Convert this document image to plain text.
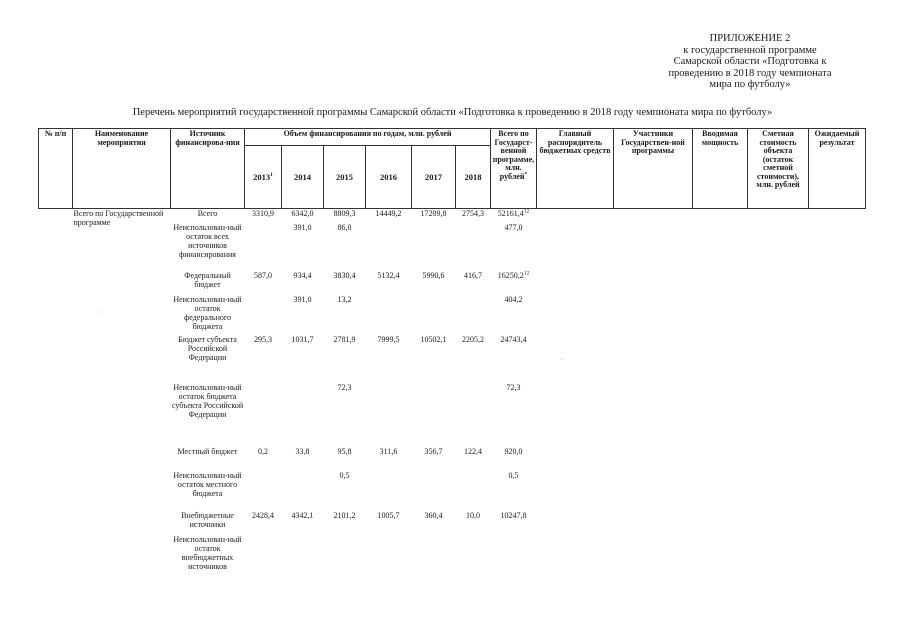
ПРИЛОЖЕНИЕ 2
к государственной программе
Самарской области «Подготовка к
проведению в 2018 году чемпионата
мира по футболу»
Перечень мероприятий государственной программы Самарской области «Подготовка к проведению в 2018 году чемпионата мира по футболу»
№ п/п	Наименование мероприятия	Источник финансирова-ния	Объем финансирования по годам, млн. рублей						Всего по Государст-венной программе, млн. рублей*	Главный распорядитель бюджетных средств	Участники Государствен-ной программы	Вводимая мощность	Сметная стоимость объекта (остаток сметной стоимости), млн. рублей	Ожидаемый результат
			2013$^1$	2014	2015	2016	2017	2018						
	Всего по Государственной программе	Всего	3310,9	6342,0	8809,3	14449,2	17209,8	2754,3	52161,4$^{12}$					
		Неиспользован-ный остаток всех источников финансирования		391,0	86,0				477,0					
		Федеральный бюджет	587,0	934,4	3830,4	5132,4	5990,6	416,7	16250,2$^{12}$					
		Неиспользован-ный остаток федерального бюджета		391,0	13,2				404,2					
		Бюджет субъекта Российской Федерации	295,3	1031,7	2781,9	7999,5	10502,1	2205,2	24743,4					
		Неиспользован-ный остаток бюджета субъекта Российской Федерации			72,3				72,3					
		Местный бюджет	0,2	33,8	95,8	311,6	356,7	122,4	920,0					
		Неиспользован-ный остаток местного бюджета			0,5				0,5					
		Внебюджетные источники	2428,4	4342,1	2101,2	1005,7	360,4	10,0	10247,8					
		Неиспользован-ный остаток внебюджетных источников												
·
·
